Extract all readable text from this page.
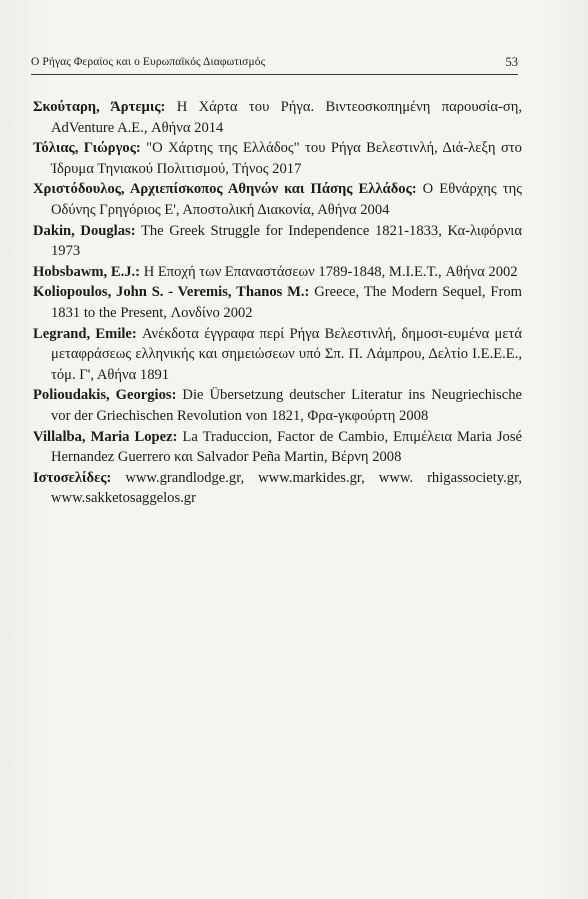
Ο Ρήγας Φεραίος και ο Ευρωπαϊκός Διαφωτισμός	53

Σκούταρη, Άρτεμις: Η Χάρτα του Ρήγα. Βιντεοσκοπημένη παρουσία-ση, AdVenture A.E., Αθήνα 2014

Τόλιας, Γιώργος: "Ο Χάρτης της Ελλάδος" του Ρήγα Βελεστινλή, Διά-λεξη στο Ίδρυμα Τηνιακού Πολιτισμού, Τήνος 2017

Χριστόδουλος, Αρχιεπίσκοπος Αθηνών και Πάσης Ελλάδος: Ο Εθνάρχης της Οδύνης Γρηγόριος Ε', Αποστολική Διακονία, Αθήνα 2004

Dakin, Douglas: The Greek Struggle for Independence 1821-1833, Κα-λιφόρνια 1973

Hobsbawm, E.J.: Η Εποχή των Επαναστάσεων 1789-1848, M.I.E.T., Αθήνα 2002

Koliopoulos, John S. - Veremis, Thanos M.: Greece, The Modern Sequel, From 1831 to the Present, Λονδίνο 2002

Legrand, Emile: Ανέκδοτα έγγραφα περί Ρήγα Βελεστινλή, δημοσι-ευμένα μετά μεταφράσεως ελληνικής και σημειώσεων υπό Σπ. Π. Λάμπρου, Δελτίο Ι.Ε.Ε.Ε., τόμ. Γ', Αθήνα 1891

Polioudakis, Georgios: Die Übersetzung deutscher Literatur ins Neugriechische vor der Griechischen Revolution von 1821, Φρα-γκφούρτη 2008

Villalba, Maria Lopez: La Traduccion, Factor de Cambio, Επιμέλεια Maria José Hernandez Guerrero και Salvador Peña Martin, Βέρνη 2008

Ιστοσελίδες: www.grandlodge.gr, www.markides.gr, www. rhigassociety.gr, www.sakketosaggelos.gr
